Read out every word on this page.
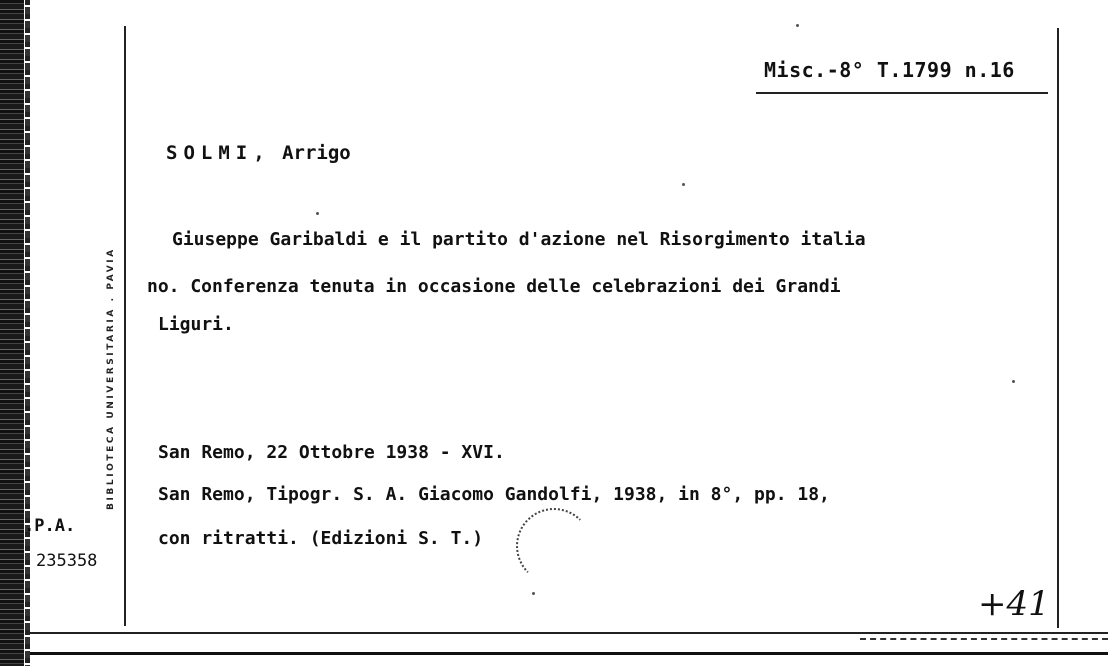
BIBLIOTECA UNIVERSITARIA . PAVIA
.P.A.
235358
Misc.-8° T.1799 n.16
SOLMI, Arrigo
Giuseppe Garibaldi e il partito d'azione nel Risorgimento italia
no. Conferenza tenuta in occasione delle celebrazioni dei Grandi
Liguri.
San Remo, 22 Ottobre 1938 - XVI.
San Remo, Tipogr. S. A. Giacomo Gandolfi, 1938, in 8°, pp. 18,
con ritratti. (Edizioni S. T.)
+41
